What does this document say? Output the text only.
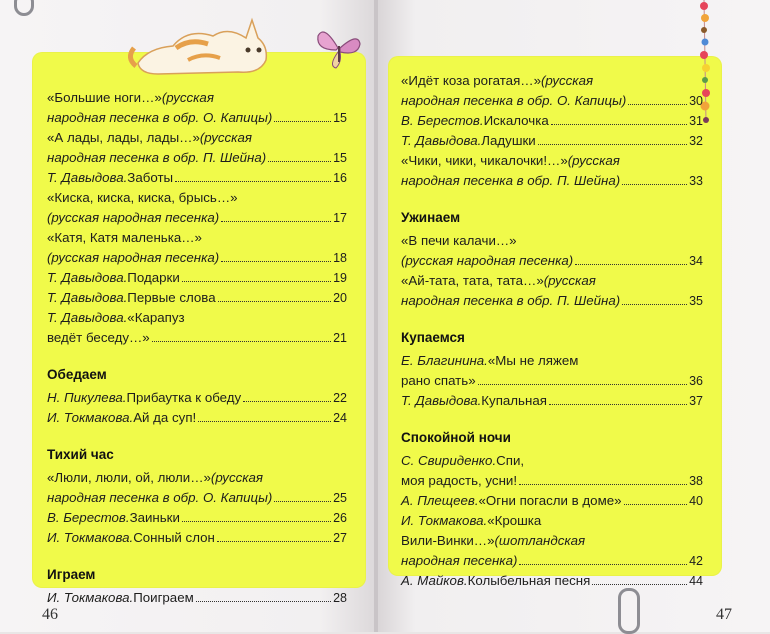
«Большие ноги…» (русская
народная песенка в обр. О. Капицы)	15
«А лады, лады, лады…» (русская
народная песенка в обр. П. Шейна)	15
Т. Давыдова. Заботы	16
«Киска, киска, киска, брысь…»
(русская народная песенка)	17
«Катя, Катя маленька…»
(русская народная песенка)	18
Т. Давыдова. Подарки	19
Т. Давыдова. Первые слова	20
Т. Давыдова. «Карапуз
ведёт беседу…»	21
Обедаем
Н. Пикулева. Прибаутка к обеду	22
И. Токмакова. Ай да суп!	24
Тихий час
«Люли, люли, ой, люли…» (русская
народная песенка в обр. О. Капицы)	25
В. Берестов. Заиньки	26
И. Токмакова. Сонный слон	27
Играем
И. Токмакова. Поиграем	28
«Идёт коза рогатая…» (русская
народная песенка в обр. О. Капицы)	30
В. Берестов. Искалочка	31
Т. Давыдова. Ладушки	32
«Чики, чики, чикалочки!…» (русская
народная песенка в обр. П. Шейна)	33
Ужинаем
«В печи калачи…»
(русская народная песенка)	34
«Ай-тата, тата, тата…» (русская
народная песенка в обр. П. Шейна)	35
Купаемся
Е. Благинина. «Мы не ляжем
рано спать»	36
Т. Давыдова. Купальная	37
Спокойной ночи
С. Свириденко. Спи,
моя радость, усни!	38
А. Плещеев. «Огни погасли в доме»	40
И. Токмакова. «Крошка
Вили-Винки…» (шотландская
народная песенка)	42
А. Майков. Колыбельная песня	44
46	47
